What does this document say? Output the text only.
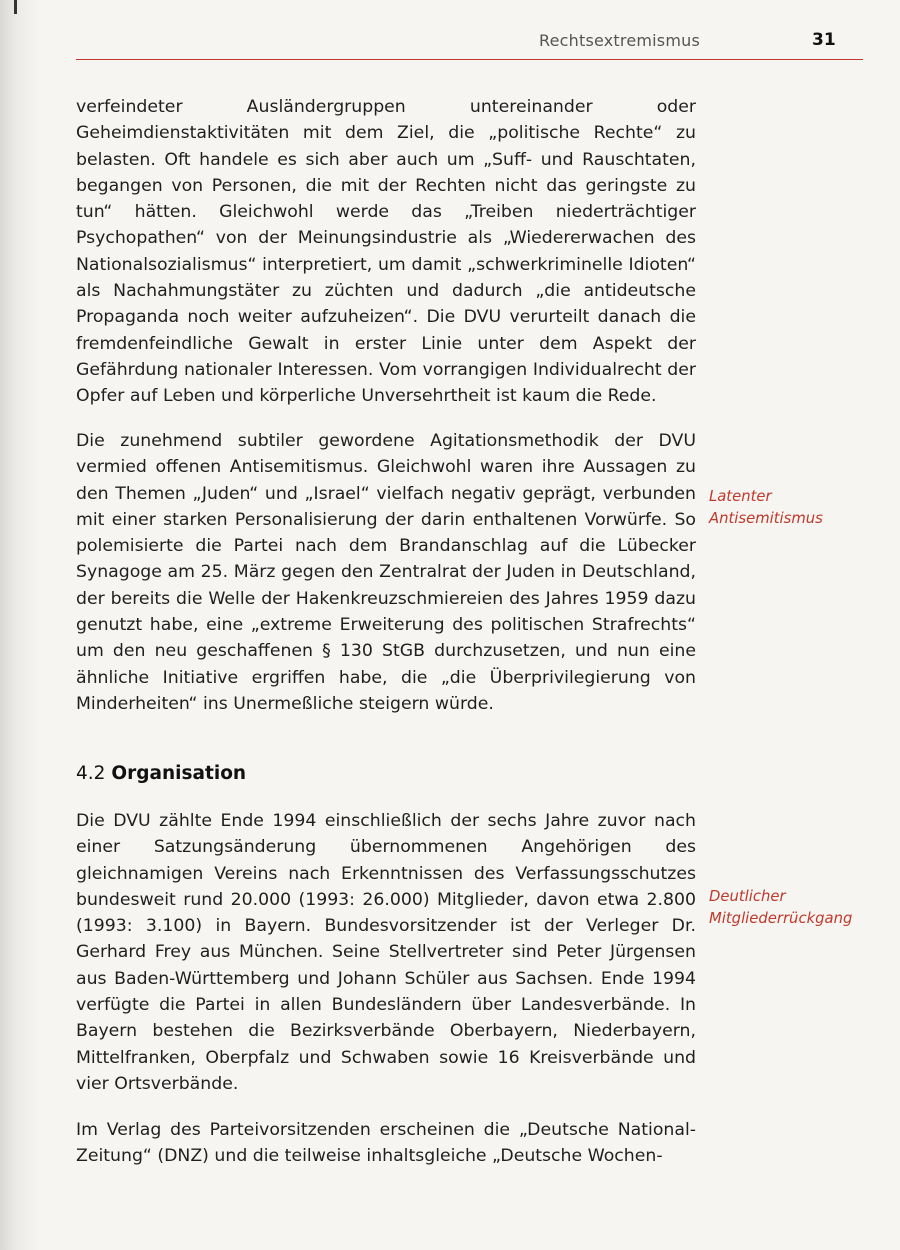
Rechtsextremismus	31

verfeindeter Ausländergruppen untereinander oder Geheimdienstaktivitäten mit dem Ziel, die „politische Rechte“ zu belasten. Oft handele es sich aber auch um „Suff- und Rauschtaten, begangen von Personen, die mit der Rechten nicht das geringste zu tun“ hätten. Gleichwohl werde das „Treiben niederträchtiger Psychopathen“ von der Meinungsindustrie als „Wiedererwachen des Nationalsozialismus“ interpretiert, um damit „schwerkriminelle Idioten“ als Nachahmungstäter zu züchten und dadurch „die antideutsche Propaganda noch weiter aufzuheizen“. Die DVU verurteilt danach die fremdenfeindliche Gewalt in erster Linie unter dem Aspekt der Gefährdung nationaler Interessen. Vom vorrangigen Individualrecht der Opfer auf Leben und körperliche Unversehrtheit ist kaum die Rede.

Die zunehmend subtiler gewordene Agitationsmethodik der DVU vermied offenen Antisemitismus. Gleichwohl waren ihre Aussagen zu den Themen „Juden“ und „Israel“ vielfach negativ geprägt, verbunden mit einer starken Personalisierung der darin enthaltenen Vorwürfe. So polemisierte die Partei nach dem Brandanschlag auf die Lübecker Synagoge am 25. März gegen den Zentralrat der Juden in Deutschland, der bereits die Welle der Hakenkreuzschmiereien des Jahres 1959 dazu genutzt habe, eine „extreme Erweiterung des politischen Strafrechts“ um den neu geschaffenen § 130 StGB durchzusetzen, und nun eine ähnliche Initiative ergriffen habe, die „die Überprivilegierung von Minderheiten“ ins Unermeßliche steigern würde.

Latenter Antisemitismus
4.2 Organisation

Die DVU zählte Ende 1994 einschließlich der sechs Jahre zuvor nach einer Satzungsänderung übernommenen Angehörigen des gleichnamigen Vereins nach Erkenntnissen des Verfassungsschutzes bundesweit rund 20.000 (1993: 26.000) Mitglieder, davon etwa 2.800 (1993: 3.100) in Bayern. Bundesvorsitzender ist der Verleger Dr. Gerhard Frey aus München. Seine Stellvertreter sind Peter Jürgensen aus Baden-Württemberg und Johann Schüler aus Sachsen. Ende 1994 verfügte die Partei in allen Bundesländern über Landesverbände. In Bayern bestehen die Bezirksverbände Oberbayern, Niederbayern, Mittelfranken, Oberpfalz und Schwaben sowie 16 Kreisverbände und vier Ortsverbände.

Deutlicher Mitgliederrückgang

Im Verlag des Parteivorsitzenden erscheinen die „Deutsche National-Zeitung“ (DNZ) und die teilweise inhaltsgleiche „Deutsche Wochen-
